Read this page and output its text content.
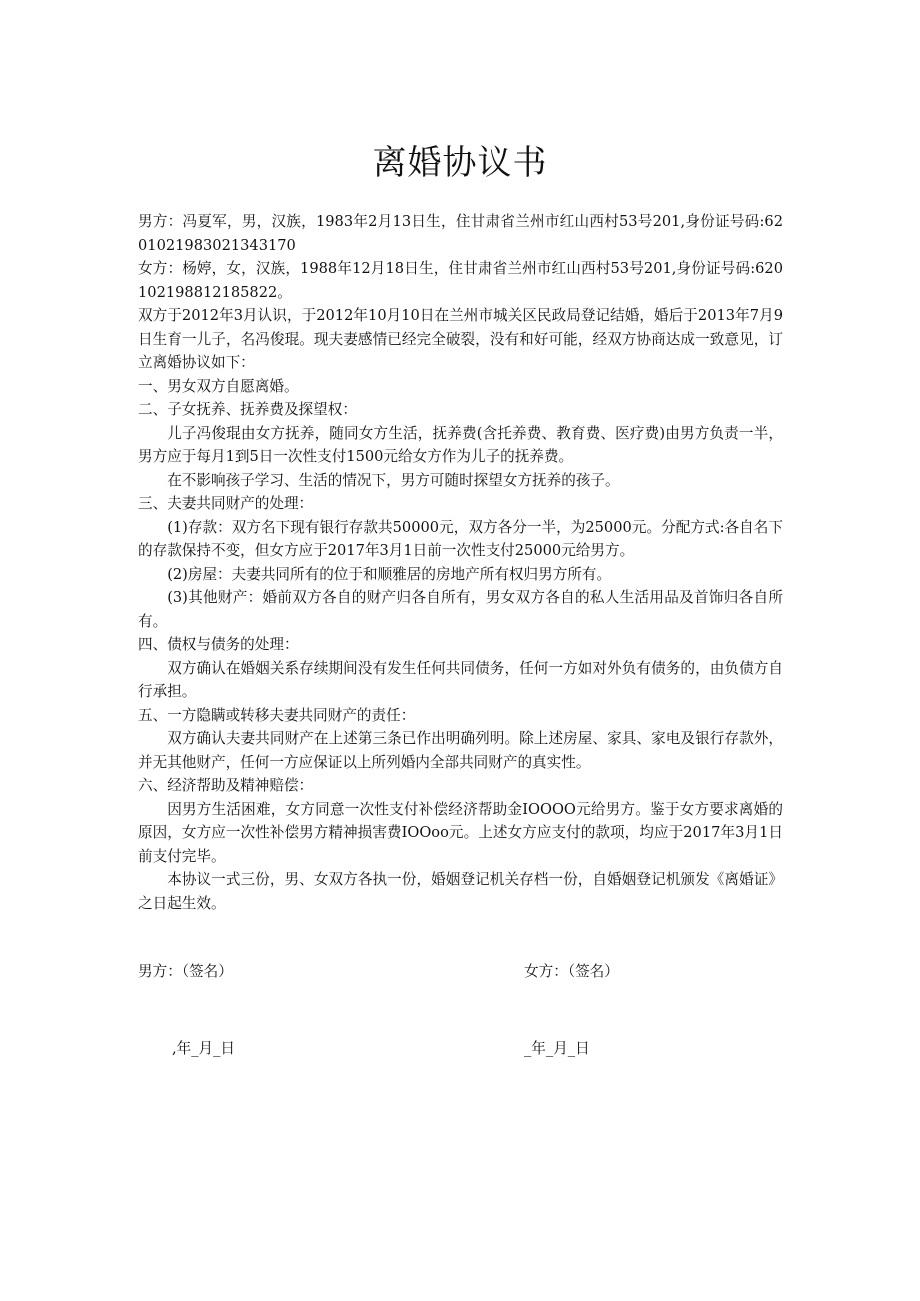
离婚协议书

男方：冯夏军，男，汉族，1983年2月13日生，住甘肃省兰州市红山西村53号201,身份证号码:6201021983021343170

女方：杨婷，女，汉族，1988年12月18日生，住甘肃省兰州市红山西村53号201,身份证号码:620102198812185822。

双方于2012年3月认识，于2012年10月10日在兰州市城关区民政局登记结婚，婚后于2013年7月9日生育一儿子，名冯俊琨。现夫妻感情已经完全破裂，没有和好可能，经双方协商达成一致意见，订立离婚协议如下：

一、男女双方自愿离婚。

二、子女抚养、抚养费及探望权：

儿子冯俊琨由女方抚养，随同女方生活，抚养费(含托养费、教育费、医疗费)由男方负责一半，男方应于每月1到5日一次性支付1500元给女方作为儿子的抚养费。

在不影响孩子学习、生活的情况下，男方可随时探望女方抚养的孩子。

三、夫妻共同财产的处理：

(1)存款：双方名下现有银行存款共50000元，双方各分一半，为25000元。分配方式:各自名下的存款保持不变，但女方应于2017年3月1日前一次性支付25000元给男方。

(2)房屋：夫妻共同所有的位于和顺雅居的房地产所有权归男方所有。

(3)其他财产：婚前双方各自的财产归各自所有，男女双方各自的私人生活用品及首饰归各自所有。

四、债权与债务的处理：

双方确认在婚姻关系存续期间没有发生任何共同债务，任何一方如对外负有债务的，由负债方自行承担。

五、一方隐瞒或转移夫妻共同财产的责任：

双方确认夫妻共同财产在上述第三条已作出明确列明。除上述房屋、家具、家电及银行存款外，并无其他财产，任何一方应保证以上所列婚内全部共同财产的真实性。

六、经济帮助及精神赔偿：

因男方生活困难，女方同意一次性支付补偿经济帮助金IOOOO元给男方。鉴于女方要求离婚的原因，女方应一次性补偿男方精神损害费IOOoo元。上述女方应支付的款项，均应于2017年3月1日前支付完毕。

本协议一式三份，男、女双方各执一份，婚姻登记机关存档一份，自婚姻登记机颁发《离婚证》之日起生效。

男方：（签名）	女方：（签名）
,年_月_日	_年_月_日
